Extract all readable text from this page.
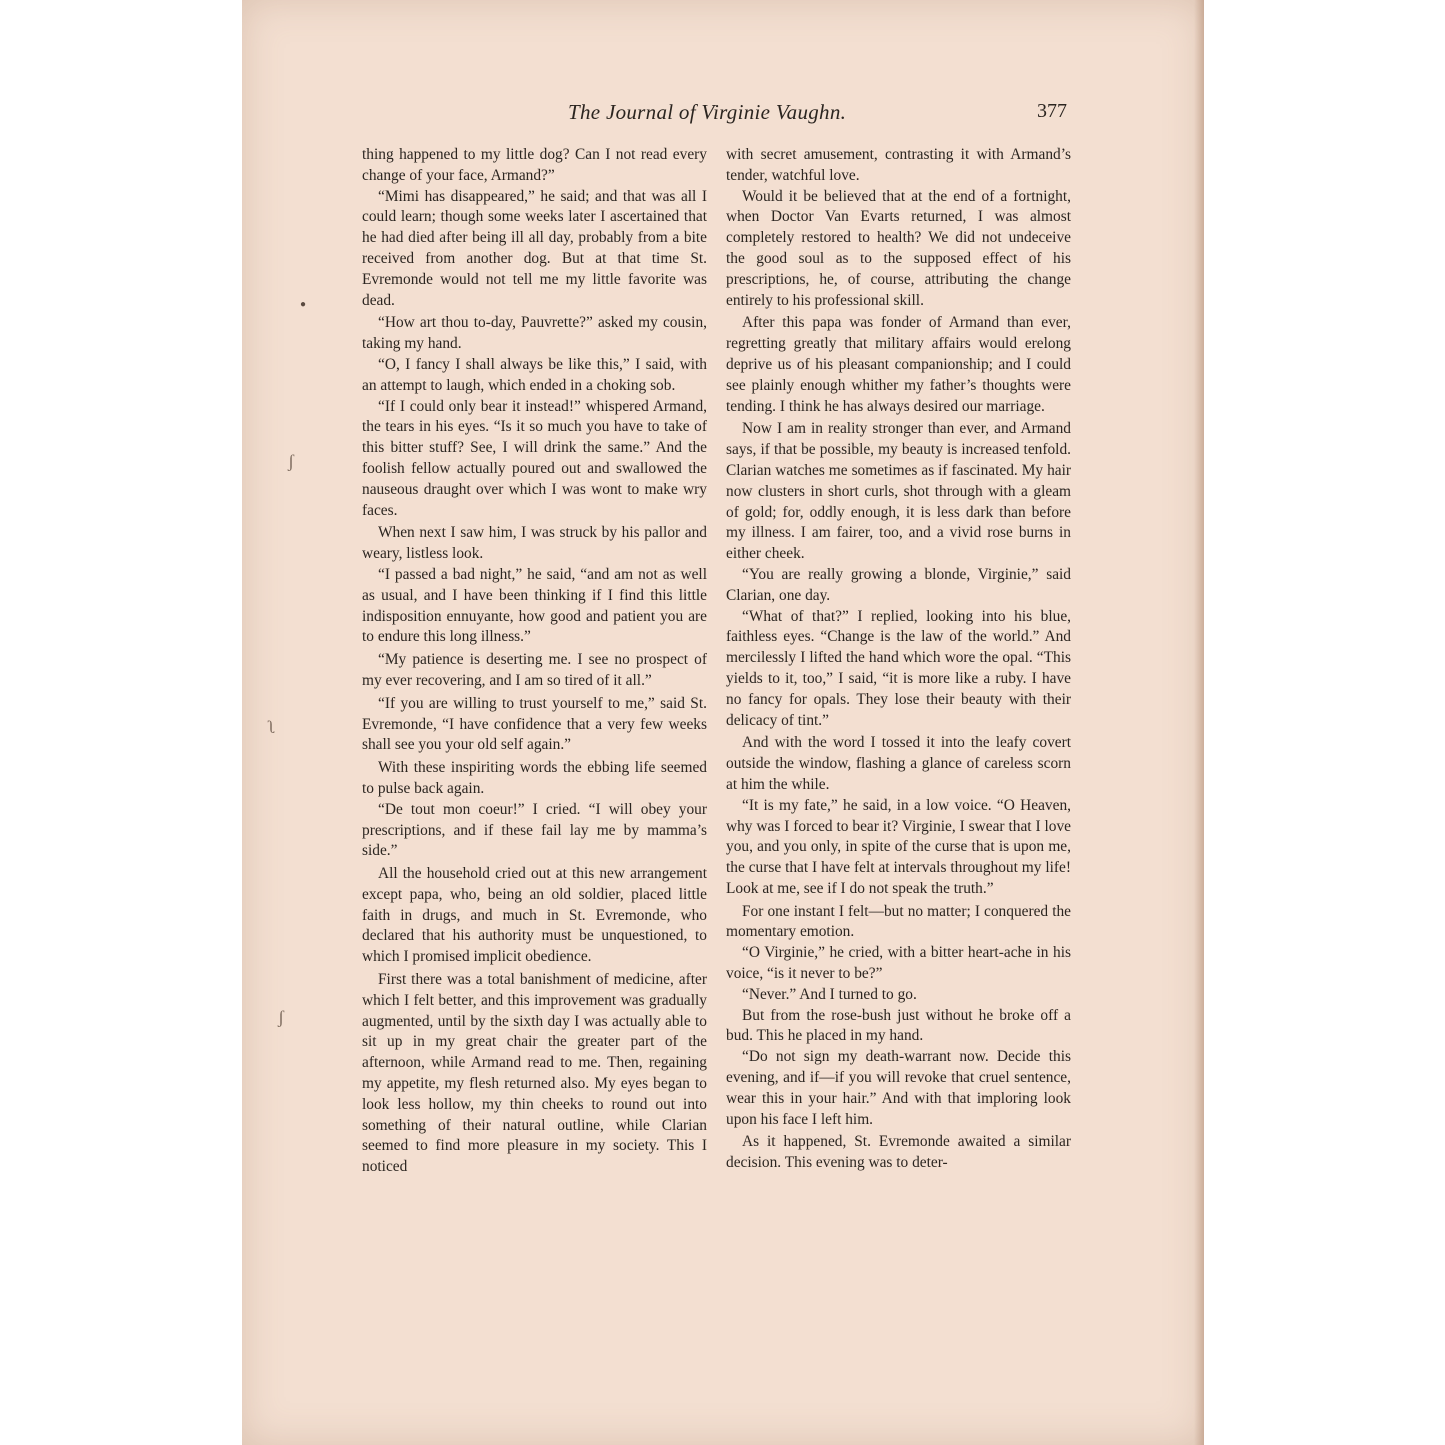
●
ʃ
ʅ
ʃ
The Journal of Virginie Vaughn.	377

thing happened to my little dog? Can I not read every change of your face, Armand?”

“Mimi has disappeared,” he said; and that was all I could learn; though some weeks later I ascertained that he had died after being ill all day, probably from a bite received from another dog. But at that time St. Evremonde would not tell me my little favorite was dead.

“How art thou to-day, Pauvrette?” asked my cousin, taking my hand.

“O, I fancy I shall always be like this,” I said, with an attempt to laugh, which ended in a choking sob.

“If I could only bear it instead!” whispered Armand, the tears in his eyes. “Is it so much you have to take of this bitter stuff? See, I will drink the same.” And the foolish fellow actually poured out and swallowed the nauseous draught over which I was wont to make wry faces.

When next I saw him, I was struck by his pallor and weary, listless look.

“I passed a bad night,” he said, “and am not as well as usual, and I have been thinking if I find this little indisposition ennuyante, how good and patient you are to endure this long illness.”

“My patience is deserting me. I see no prospect of my ever recovering, and I am so tired of it all.”

“If you are willing to trust yourself to me,” said St. Evremonde, “I have confidence that a very few weeks shall see you your old self again.”

With these inspiriting words the ebbing life seemed to pulse back again.

“De tout mon coeur!” I cried. “I will obey your prescriptions, and if these fail lay me by mamma’s side.”

All the household cried out at this new arrangement except papa, who, being an old soldier, placed little faith in drugs, and much in St. Evremonde, who declared that his authority must be unquestioned, to which I promised implicit obedience.

First there was a total banishment of medicine, after which I felt better, and this improvement was gradually augmented, until by the sixth day I was actually able to sit up in my great chair the greater part of the afternoon, while Armand read to me. Then, regaining my appetite, my flesh returned also. My eyes began to look less hollow, my thin cheeks to round out into something of their natural outline, while Clarian seemed to find more pleasure in my society. This I noticed

with secret amusement, contrasting it with Armand’s tender, watchful love.

Would it be believed that at the end of a fortnight, when Doctor Van Evarts returned, I was almost completely restored to health? We did not undeceive the good soul as to the supposed effect of his prescriptions, he, of course, attributing the change entirely to his professional skill.

After this papa was fonder of Armand than ever, regretting greatly that military affairs would erelong deprive us of his pleasant companionship; and I could see plainly enough whither my father’s thoughts were tending. I think he has always desired our marriage.

Now I am in reality stronger than ever, and Armand says, if that be possible, my beauty is increased tenfold. Clarian watches me sometimes as if fascinated. My hair now clusters in short curls, shot through with a gleam of gold; for, oddly enough, it is less dark than before my illness. I am fairer, too, and a vivid rose burns in either cheek.

“You are really growing a blonde, Virginie,” said Clarian, one day.

“What of that?” I replied, looking into his blue, faithless eyes. “Change is the law of the world.” And mercilessly I lifted the hand which wore the opal. “This yields to it, too,” I said, “it is more like a ruby. I have no fancy for opals. They lose their beauty with their delicacy of tint.”

And with the word I tossed it into the leafy covert outside the window, flashing a glance of careless scorn at him the while.

“It is my fate,” he said, in a low voice. “O Heaven, why was I forced to bear it? Virginie, I swear that I love you, and you only, in spite of the curse that is upon me, the curse that I have felt at intervals throughout my life! Look at me, see if I do not speak the truth.”

For one instant I felt—but no matter; I conquered the momentary emotion.

“O Virginie,” he cried, with a bitter heart-ache in his voice, “is it never to be?”

“Never.” And I turned to go.

But from the rose-bush just without he broke off a bud. This he placed in my hand.

“Do not sign my death-warrant now. Decide this evening, and if—if you will revoke that cruel sentence, wear this in your hair.” And with that imploring look upon his face I left him.

As it happened, St. Evremonde awaited a similar decision. This evening was to deter-
